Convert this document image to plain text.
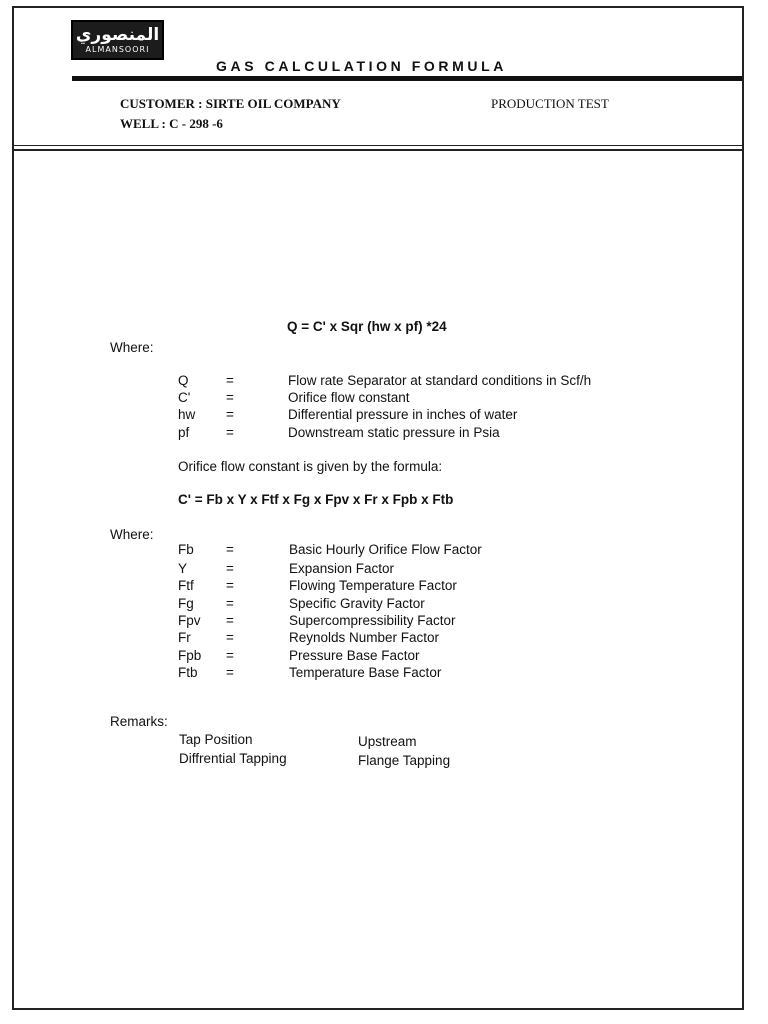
المنصوري
ALMANSOORI
GAS CALCULATION FORMULA
CUSTOMER : SIRTE OIL COMPANY
WELL : C - 298 -6
PRODUCTION TEST
Q = C' x Sqr (hw x pf) *24
Where:
Q	=	Flow rate Separator at standard conditions in Scf/h
C'	=	Orifice flow constant
hw =	Differential pressure in inches of water
pf	=	Downstream static pressure in Psia
Orifice flow constant is given by the formula:
C' = Fb x Y x Ftf x Fg x Fpv x Fr x Fpb x Ftb
Where:
Fb =	Basic Hourly Orifice Flow Factor
Y	=	Expansion Factor
Ftf =	Flowing Temperature Factor
Fg =	Specific Gravity Factor
Fpv =	Supercompressibility Factor
Fr	=	Reynolds Number Factor
Fpb =	Pressure Base Factor
Ftb =	Temperature Base Factor
Remarks:
Tap Position	Upstream
Diffrential Tapping	Flange Tapping
